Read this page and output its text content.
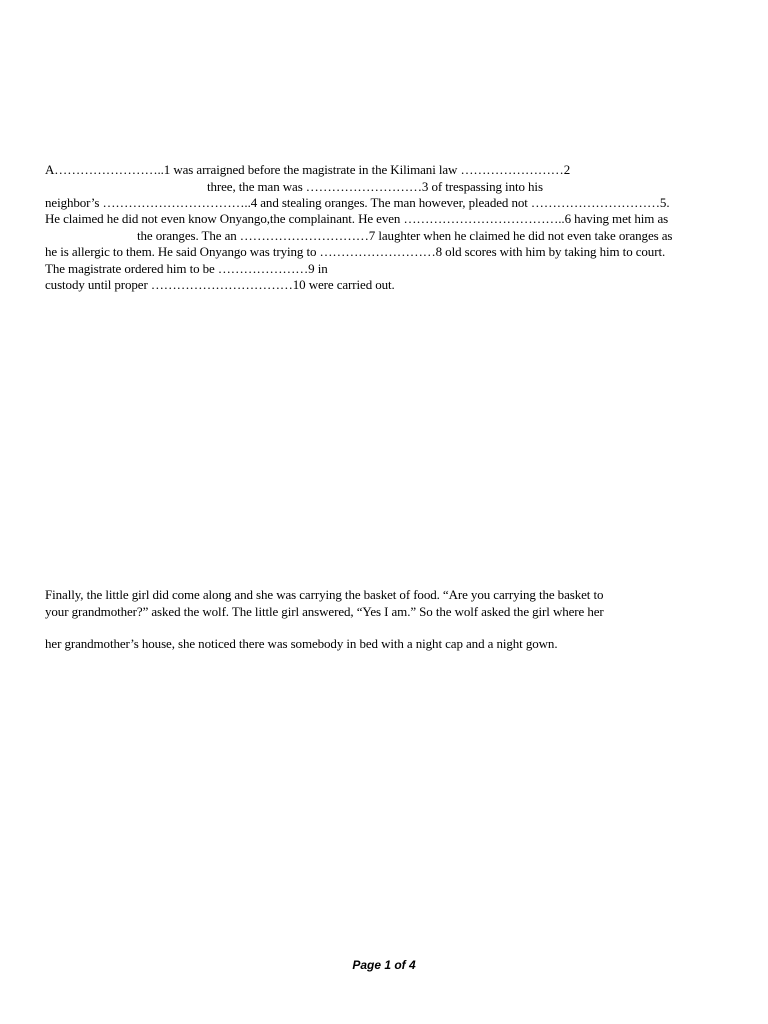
A……………………..1 was arraigned before the magistrate in the Kilimani law ……………………2
three, the man was ………………………3 of trespassing into his
neighbor’s ……………………………..4 and stealing oranges. The man however, pleaded not …………………………5.
He claimed he did not even know Onyango,the complainant. He even ………………………………..6 having met him as
the oranges. The an …………………………7 laughter when he claimed he did not even take oranges as
he is allergic to them. He said Onyango was trying to ………………………8 old scores with him by taking him to court.
The magistrate ordered him to be …………………9 in
custody until proper ……………………………10 were carried out.
Finally, the little girl did come along and she was carrying the basket of food. “Are you carrying the basket to
your grandmother?” asked the wolf. The little girl answered, “Yes I am.” So the wolf asked the girl where her
her grandmother’s house, she noticed there was somebody in bed with a night cap and a night gown.
Page 1 of 4
